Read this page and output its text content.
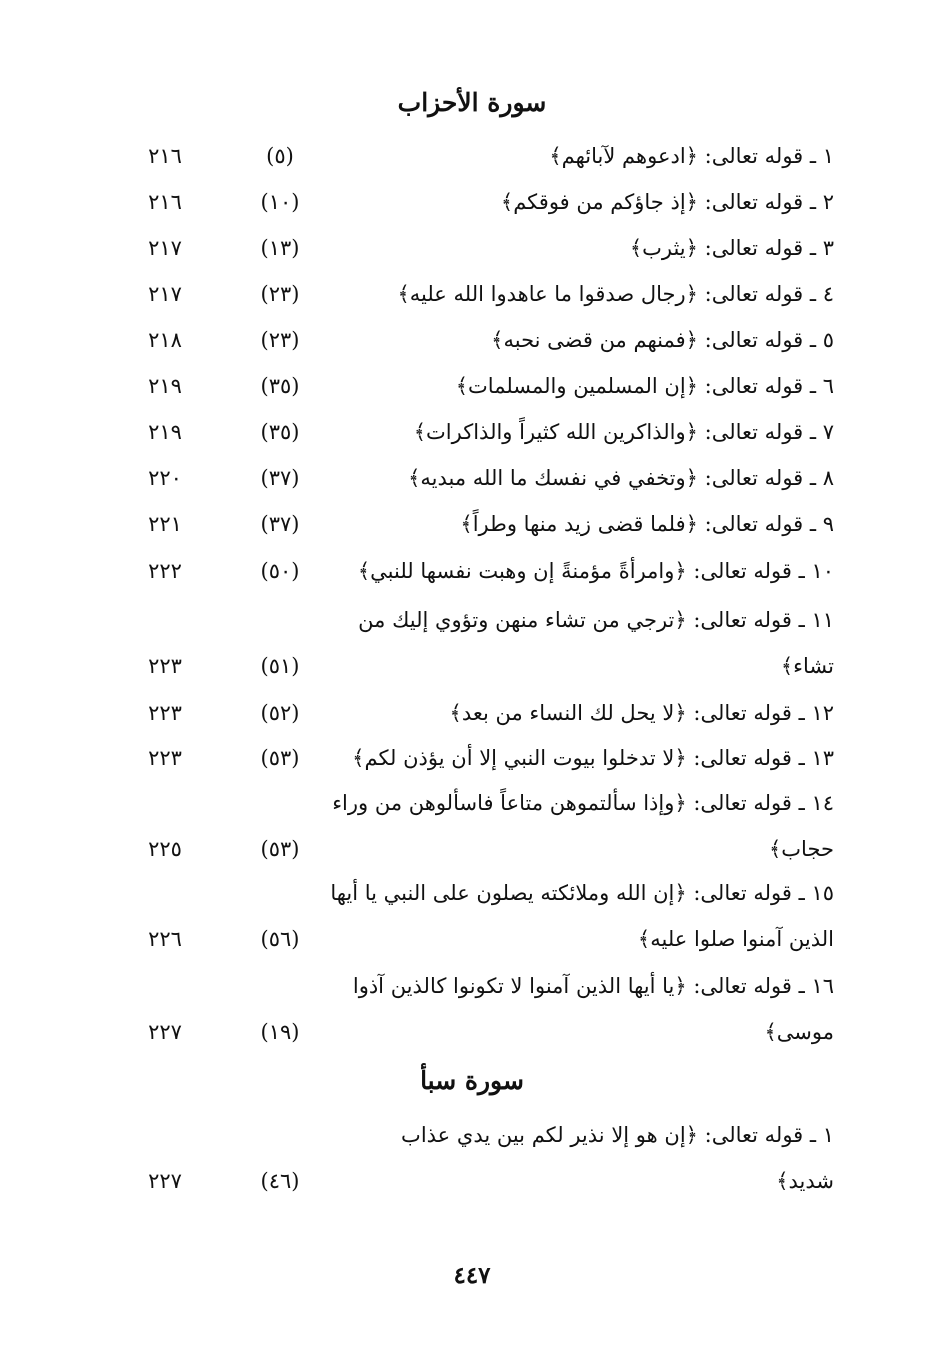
سورة الأحزاب
١ ـ قوله تعالى: ﴿ادعوهم لآبائهم﴾
(٥)
٢١٦
٢ ـ قوله تعالى: ﴿إذ جاؤكم من فوقكم﴾
(١٠)
٢١٦
٣ ـ قوله تعالى: ﴿يثرب﴾
(١٣)
٢١٧
٤ ـ قوله تعالى: ﴿رجال صدقوا ما عاهدوا الله عليه﴾
(٢٣)
٢١٧
٥ ـ قوله تعالى: ﴿فمنهم من قضى نحبه﴾
(٢٣)
٢١٨
٦ ـ قوله تعالى: ﴿إن المسلمين والمسلمات﴾
(٣٥)
٢١٩
٧ ـ قوله تعالى: ﴿والذاكرين الله كثيراً والذاكرات﴾
(٣٥)
٢١٩
٨ ـ قوله تعالى: ﴿وتخفي في نفسك ما الله مبديه﴾
(٣٧)
٢٢٠
٩ ـ قوله تعالى: ﴿فلما قضى زيد منها وطراً﴾
(٣٧)
٢٢١
١٠ ـ قوله تعالى: ﴿وامرأةً مؤمنةً إن وهبت نفسها للنبي﴾
(٥٠)
٢٢٢
١١ ـ قوله تعالى: ﴿ترجي من تشاء منهن وتؤوي إليك من
تشاء﴾
(٥١)
٢٢٣
١٢ ـ قوله تعالى: ﴿لا يحل لك النساء من بعد﴾
(٥٢)
٢٢٣
١٣ ـ قوله تعالى: ﴿لا تدخلوا بيوت النبي إلا أن يؤذن لكم﴾
(٥٣)
٢٢٣
١٤ ـ قوله تعالى: ﴿وإذا سألتموهن متاعاً فاسألوهن من وراء
حجاب﴾
(٥٣)
٢٢٥
١٥ ـ قوله تعالى: ﴿إن الله وملائكته يصلون على النبي يا أيها
الذين آمنوا صلوا عليه﴾
(٥٦)
٢٢٦
١٦ ـ قوله تعالى: ﴿يا أيها الذين آمنوا لا تكونوا كالذين آذوا
موسى﴾
(١٩)
٢٢٧
سورة سبأ
١ ـ قوله تعالى: ﴿إن هو إلا نذير لكم بين يدي عذاب
شديد﴾
(٤٦)
٢٢٧
٤٤٧
